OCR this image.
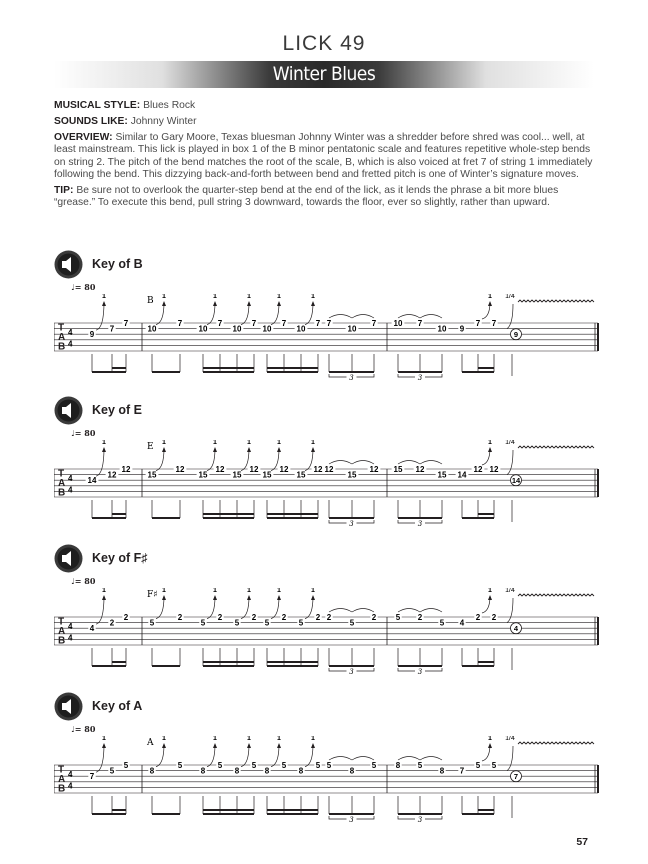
LICK 49
Winter Blues

MUSICAL STYLE: Blues Rock

SOUNDS LIKE: Johnny Winter

OVERVIEW: Similar to Gary Moore, Texas bluesman Johnny Winter was a shredder before shred was cool... well, at least mainstream. This lick is played in box 1 of the B minor pentatonic scale and features repetitive whole-step bends on string 2. The pitch of the bend matches the root of the scale, B, which is also voiced at fret 7 of string 1 immediately following the bend. This dizzying back-and-forth between bend and fretted pitch is one of Winter’s signature moves.

TIP: Be sure not to overlook the quarter-step bend at the end of the lick, as it lends the phrase a bit more blues “grease.” To execute this bend, pull string 3 downward, towards the floor, ever so slightly, rather than upward.

Key of B
♩= 80
T
A
B
4
4
B
9
1
7
7
10
1
7
10
1
7
10
1
7
10
1
7
10
1
7 7
10
7
3
10 7
10
3
9
7
1
7
9
1/4
Key of E
♩= 80
T
A
B
4
4
E
14
1
12
12
15
1
12
15
1
12
15
1
12
15
1
12
15
1
12 12
15
12
3
15 12
15
3
14
12
1
12
14
1/4
Key of F♯
♩= 80
T
A
B
4
4
F♯
4
1
2
2
5
1
2
5
1
2
5
1
2
5
1
2
5
1
2 2
5
2
3
5 2
5
3
4
2
1
2
4
1/4
Key of A
♩= 80
T
A
B
4
4
A
7
1
5
5
8
1
5
8
1
5
8
1
5
8
1
5
8
1
5 5
8
5
3
8 5
8
3
7
5
1
5
7
1/4
57
